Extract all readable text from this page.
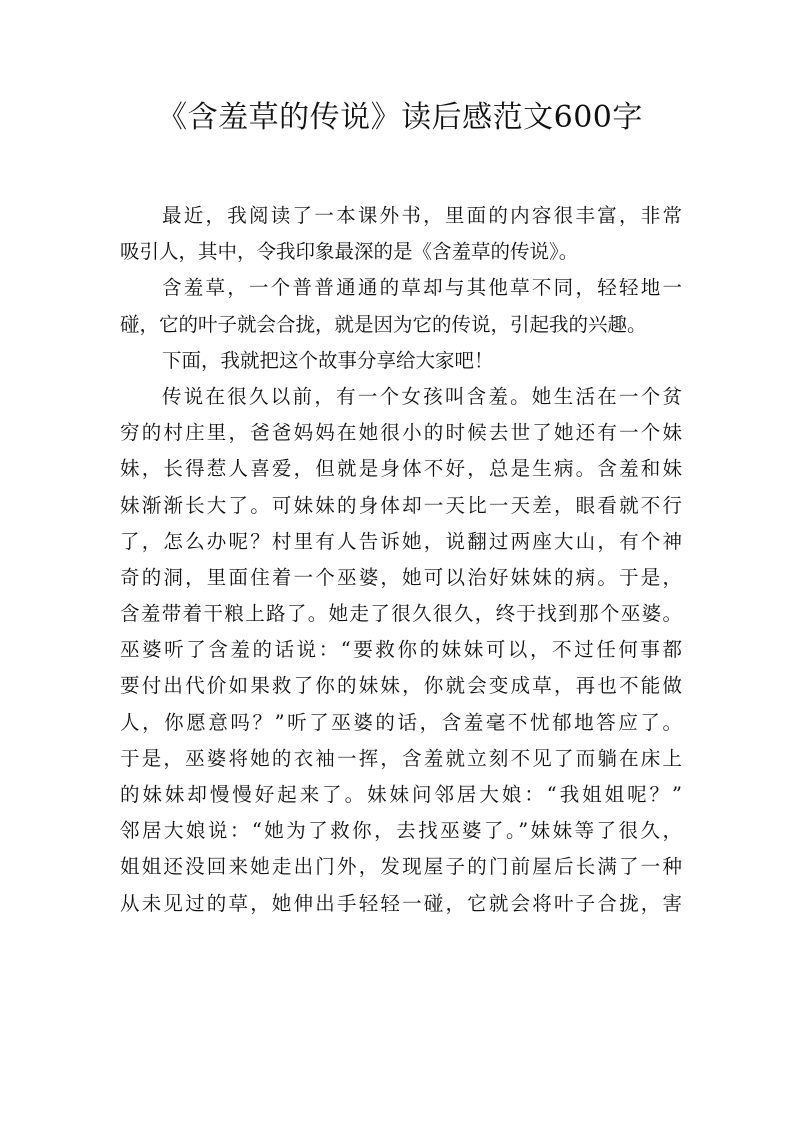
《含羞草的传说》读后感范文600字
最近，我阅读了一本课外书，里面的内容很丰富，非常
吸引人，其中，令我印象最深的是《含羞草的传说》。
含羞草，一个普普通通的草却与其他草不同，轻轻地一
碰，它的叶子就会合拢，就是因为它的传说，引起我的兴趣。
下面，我就把这个故事分享给大家吧！
传说在很久以前，有一个女孩叫含羞。她生活在一个贫
穷的村庄里，爸爸妈妈在她很小的时候去世了她还有一个妹
妹，长得惹人喜爱，但就是身体不好，总是生病。含羞和妹
妹渐渐长大了。可妹妹的身体却一天比一天差，眼看就不行
了，怎么办呢？村里有人告诉她，说翻过两座大山，有个神
奇的洞，里面住着一个巫婆，她可以治好妹妹的病。于是，
含羞带着干粮上路了。她走了很久很久，终于找到那个巫婆。
巫婆听了含羞的话说：“要救你的妹妹可以，不过任何事都
要付出代价如果救了你的妹妹，你就会变成草，再也不能做
人，你愿意吗？”听了巫婆的话，含羞毫不忧郁地答应了。
于是，巫婆将她的衣袖一挥，含羞就立刻不见了而躺在床上
的妹妹却慢慢好起来了。妹妹问邻居大娘：“我姐姐呢？”
邻居大娘说：“她为了救你，去找巫婆了。”妹妹等了很久，
姐姐还没回来她走出门外，发现屋子的门前屋后长满了一种
从未见过的草，她伸出手轻轻一碰，它就会将叶子合拢，害
